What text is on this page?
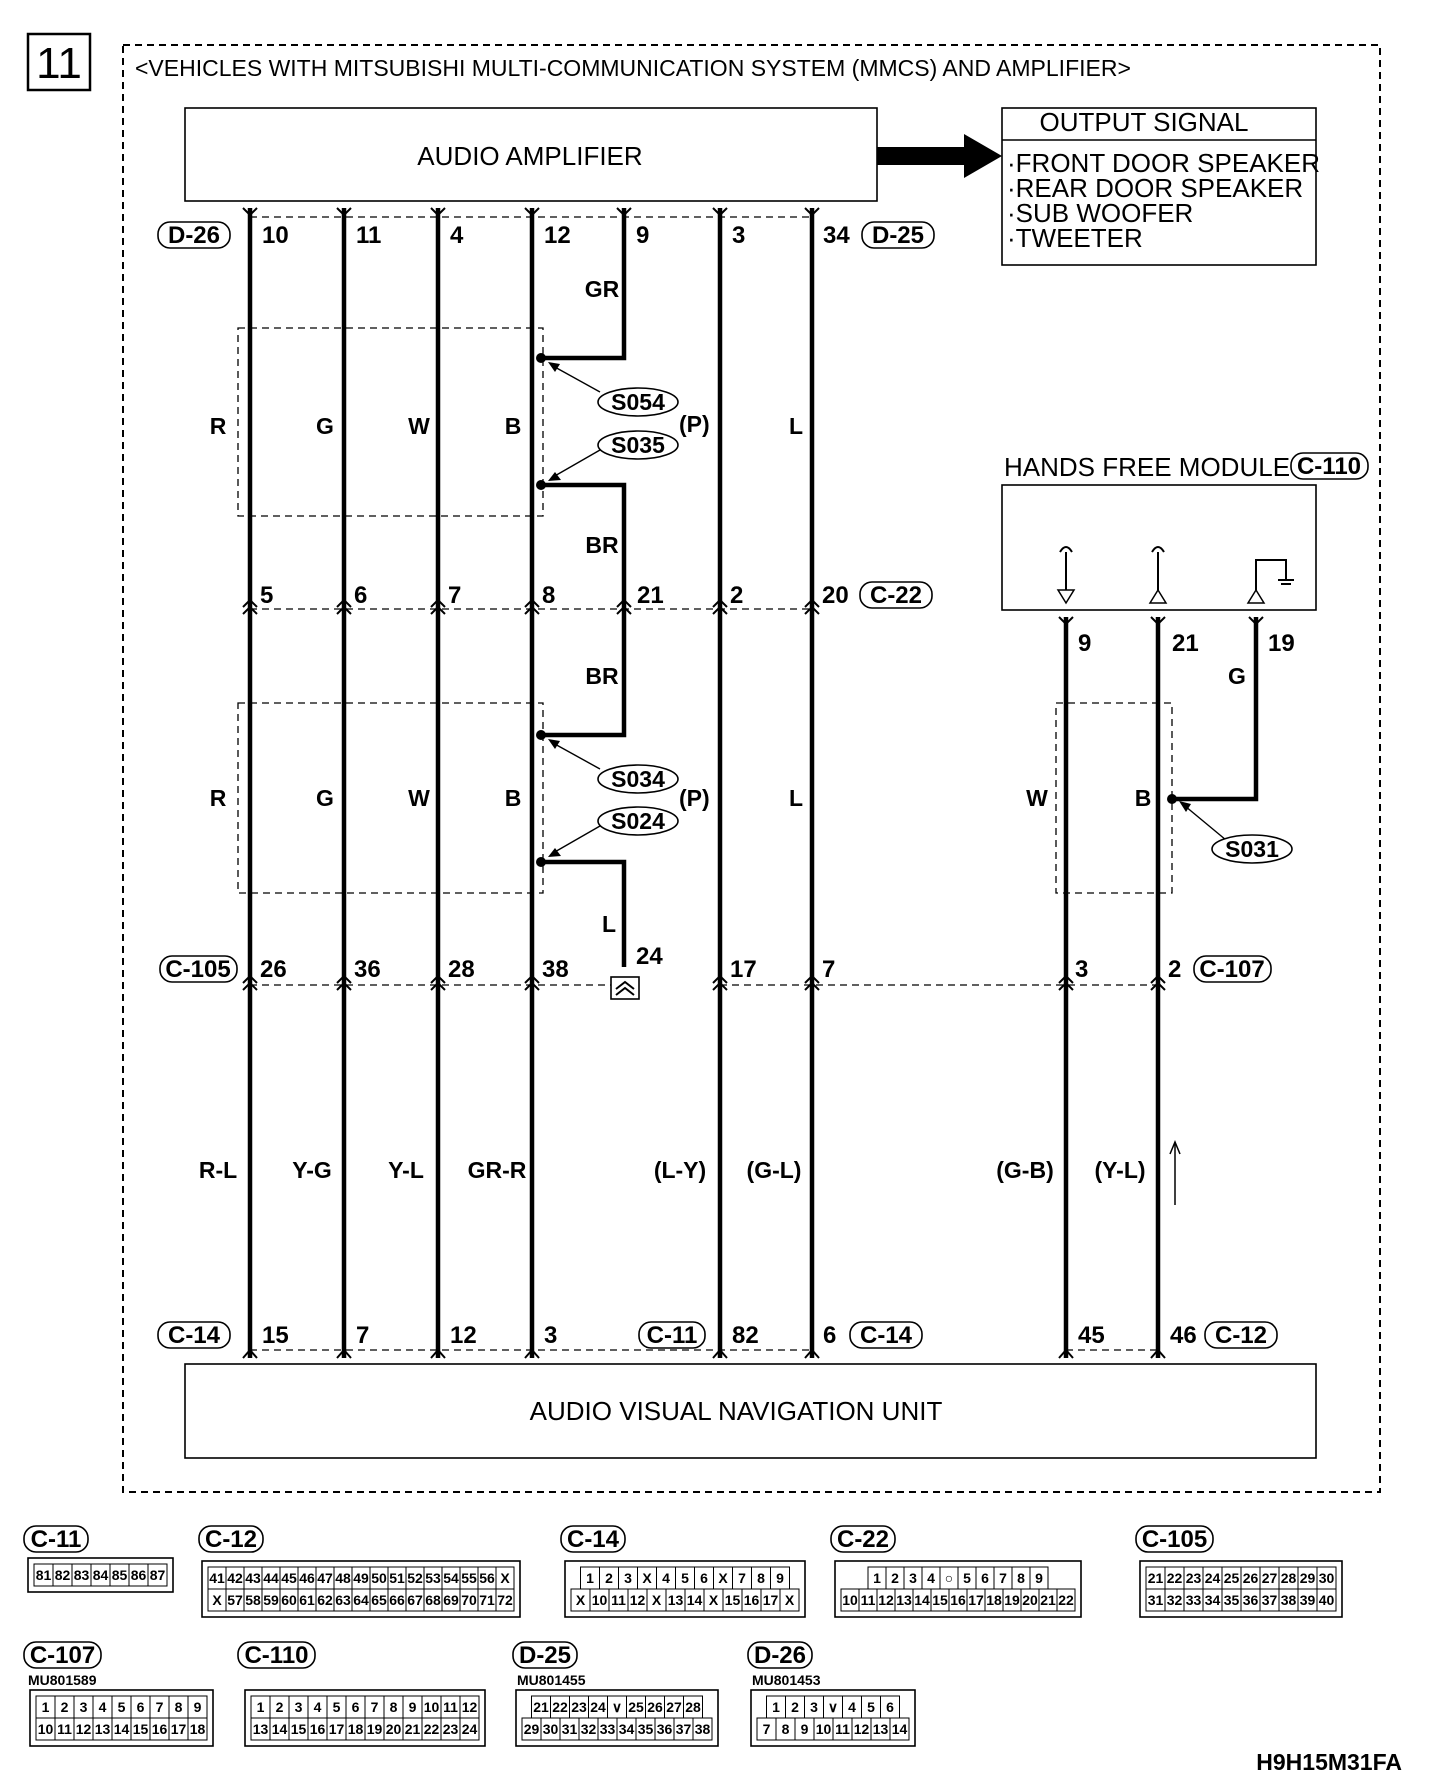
11 <VEHICLES WITH MITSUBISHI MULTI-COMMUNICATION SYSTEM (MMCS) AND AMPLIFIER>
AUDIO AMPLIFIER
OUTPUT SIGNAL
·FRONT DOOR SPEAKER
·REAR DOOR SPEAKER
·SUB WOOFER
·TWEETER
HANDS FREE MODULE
AUDIO VISUAL NAVIGATION UNIT
D-26	D-25
C-22
C-110
C-105	C-107
C-14	C-11	C-14	C-12
10	11	4	12	9	3	34
5	6	7	8	21	2	20
9	21	19
26	36	28	38	24	17	7	3	2
15	7	12	3	82	6	45	46
GR
R	G	W	B	L
BR
BR	G
R	G	W	B	L	W	B
L
R-L Y-G Y-L GR-R	(L-Y) (G-L)	(G-B) (Y-L)
S054
S035
(P)
S034
S024
(P)
S031
C-11
81 82 83 84 85 86 87
C-12
41 42 43 44 45 46 47 48 49 50 51 52 53 54 55 56 X
X 57 58 59 60 61 62 63 64 65 66 67 68 69 70 71 72
C-14
1 2 3 X 4 5 6 X 7 8 9
X 10 11 12 X 13 14 X 15 16 17 X
C-22
1 2 3 4 ○ 5 6 7 8 9
10 11 12 13 14 15 16 17 18 19 20 21 22
C-105
21 22 23 24 25 26 27 28 29 30
31 32 33 34 35 36 37 38 39 40
C-107
MU801589
1 2 3 4 5 6 7 8 9
10 11 12 13 14 15 16 17 18
C-110
1 2 3 4 5 6 7 8 9 10 11 12
13 14 15 16 17 18 19 20 21 22 23 24
D-25
MU801455
21 22 23 24 ∨ 25 26 27 28
29 30 31 32 33 34 35 36 37 38
D-26
MU801453
1 2 3 ∨ 4 5 6
7 8 9 10 11 12 13 14
H9H15M31FA
